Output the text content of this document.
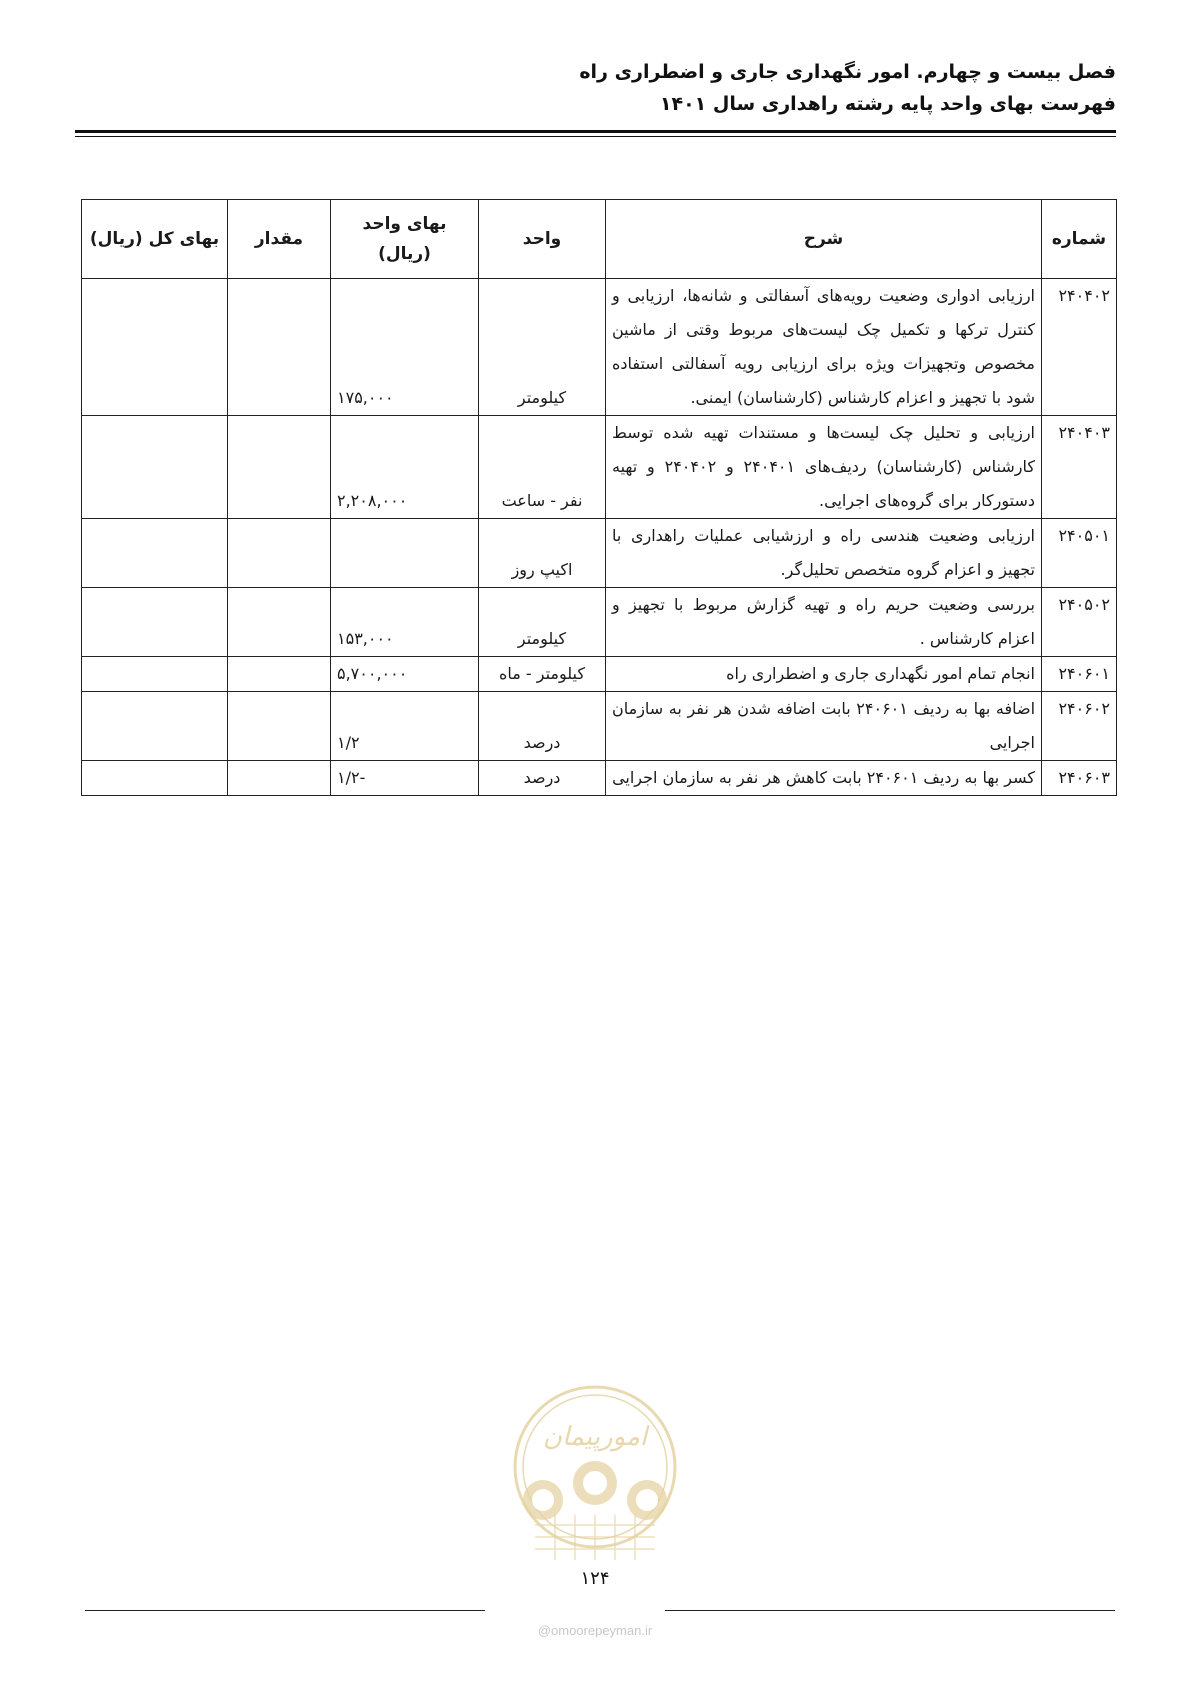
فصل بیست و چهارم. امور نگهداری جاری و اضطراری راه
فهرست بهای واحد پایه رشته راهداری سال ۱۴۰۱
شماره	شرح	واحد	بهای واحد (ریال)	مقدار	بهای کل (ریال)
۲۴۰۴۰۲	ارزیابی ادواری وضعیت رویه‌های آسفالتی و شانه‌ها، ارزیابی و کنترل ترکها و تکمیل چک لیست‌های مربوط وقتی از ماشین مخصوص وتجهیزات ویژه برای ارزیابی رویه آسفالتی استفاده شود با تجهیز و اعزام کارشناس (کارشناسان) ایمنی.	کیلومتر	۱۷۵,۰۰۰		
۲۴۰۴۰۳	ارزیابی و تحلیل چک لیست‌ها و مستندات تهیه شده توسط کارشناس (کارشناسان) ردیف‌های ۲۴۰۴۰۱ و ۲۴۰۴۰۲ و تهیه دستورکار برای گروه‌های اجرایی.	نفر - ساعت	۲,۲۰۸,۰۰۰		
۲۴۰۵۰۱	ارزیابی وضعیت هندسی راه و ارزشیابی عملیات راهداری با تجهیز و اعزام گروه متخصص تحلیل‌گر.	اکیپ روز			
۲۴۰۵۰۲	بررسی وضعیت حریم راه و تهیه گزارش مربوط با تجهیز و اعزام کارشناس .	کیلومتر	۱۵۳,۰۰۰		
۲۴۰۶۰۱	انجام تمام امور نگهداری جاری و اضطراری راه	کیلومتر - ماه	۵,۷۰۰,۰۰۰		
۲۴۰۶۰۲	اضافه بها به ردیف ۲۴۰۶۰۱ بابت اضافه شدن هر نفر به سازمان اجرایی	درصد	۱/۲		
۲۴۰۶۰۳	کسر بها به ردیف ۲۴۰۶۰۱ بابت کاهش هر نفر به سازمان اجرایی	درصد	-۱/۲		
امورپیمان
۱۲۴
@omoorepeyman.ir
